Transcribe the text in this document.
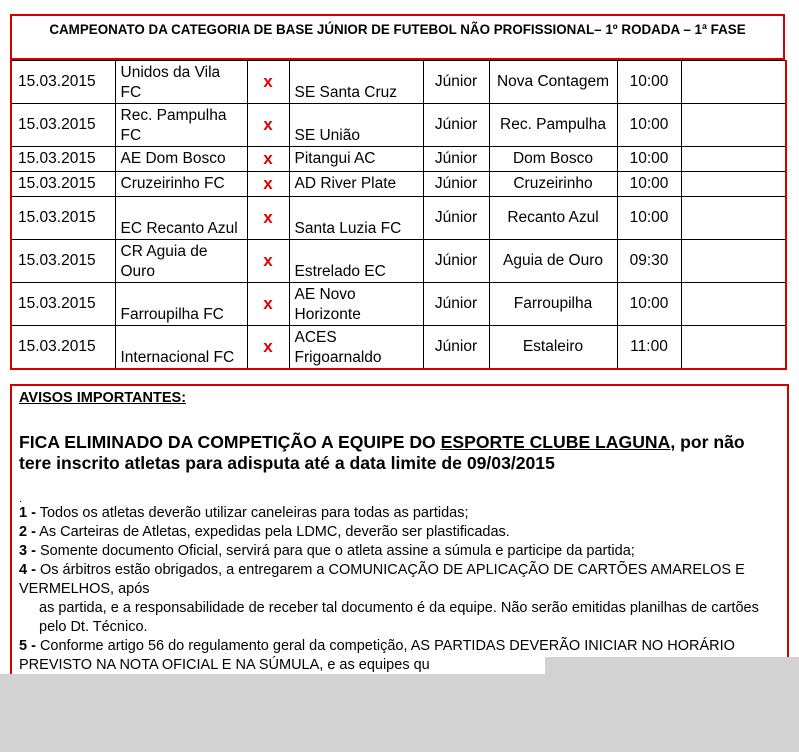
CAMPEONATO DA CATEGORIA DE BASE JÚNIOR DE FUTEBOL NÃO PROFISSIONAL– 1º RODADA – 1ª FASE
15.03.2015	Unidos da Vila FC	x	SE Santa Cruz	Júnior	Nova Contagem	10:00	
15.03.2015	Rec. Pampulha FC	x	SE União	Júnior	Rec. Pampulha	10:00	
15.03.2015	AE Dom Bosco	x	Pitangui AC	Júnior	Dom Bosco	10:00	
15.03.2015	Cruzeirinho FC	x	AD River Plate	Júnior	Cruzeirinho	10:00	
15.03.2015	EC Recanto Azul	x	Santa Luzia FC	Júnior	Recanto Azul	10:00	
15.03.2015	CR Aguia de Ouro	x	Estrelado EC	Júnior	Aguia de Ouro	09:30	
15.03.2015	Farroupilha FC	x	AE Novo Horizonte	Júnior	Farroupilha	10:00	
15.03.2015	Internacional FC	x	ACES Frigoarnaldo	Júnior	Estaleiro	11:00	
AVISOS IMPORTANTES:
FICA ELIMINADO DA COMPETIÇÃO A EQUIPE DO ESPORTE CLUBE LAGUNA, por não tere inscrito atletas para adisputa até a data limite de 09/03/2015
.
1 - Todos os atletas deverão utilizar caneleiras para todas as partidas;
2 - As Carteiras de Atletas, expedidas pela LDMC, deverão ser plastificadas.
3 - Somente documento Oficial, servirá para que o atleta assine a súmula e participe da partida;
4 - Os árbitros estão obrigados, a entregarem a COMUNICAÇÃO DE APLICAÇÃO DE CARTÕES AMARELOS E VERMELHOS, após
as partida, e a responsabilidade de receber tal documento é da equipe. Não serão emitidas planilhas de cartões pelo Dt. Técnico.
5 - Conforme artigo 56 do regulamento geral da competição, AS PARTIDAS DEVERÃO INICIAR NO HORÁRIO PREVISTO NA NOTA OFICIAL E NA SÚMULA, e as equipes qu
